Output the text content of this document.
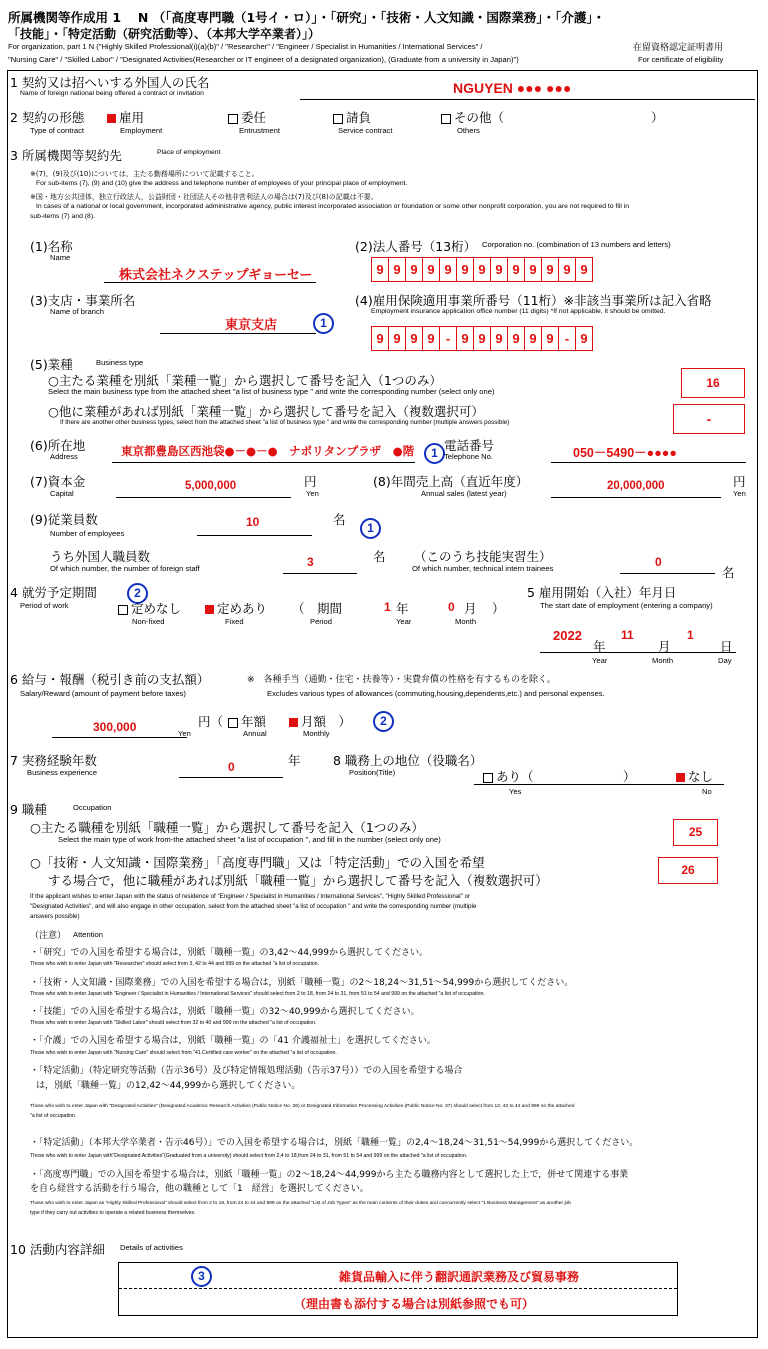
所属機関等作成用 1　 N （「高度専門職（1号イ・ロ）」・「研究」・「技術・人文知識・国際業務」・「介護」・
「技能」・「特定活動（研究活動等）、（本邦大学卒業者）」）
For organization, part 1 N ("Highly Skilled Professional(i)(a)(b)" / "Researcher" / "Engineer / Specialist in Humanities / International Services" /
"Nursing Care" / "Skilled Labor" / "Designated Activities(Researcher or IT engineer of a designated organization), (Graduate from a university in Japan)")
在留資格認定証明書用
For certificate of eligibility
1 契約又は招へいする外国人の氏名
Name of foreign national being offered a contract or invitation	NGUYEN ●●● ●●●
2 契約の形態
Type of contract
雇用
Employment
委任
Entrustment
請負
Service contract
その他（	）
Others
3 所属機関等契約先	Place of employment
※(7)，(9)及び(10)については，主たる勤務場所について記載すること。
For sub-items (7), (9) and (10) give the address and telephone number of employees of your principal place of employment.
※国・地方公共団体，独立行政法人，公益財団・社団法人その他非営利法人の場合は(7)及び(8)の記載は不要。
In cases of a national or local government, incorporated administrative agency, public interest incorporated association or foundation or some other nonprofit corporation, you are not required to fill in
sub-items (7) and (8).
(1)名称
Name
株式会社ネクステップギョーセー
(2)法人番号（13桁） Corporation no. (combination of 13 numbers and letters)
9 9 9 9 9 9 9 9 9 9 9 9 9
(3)支店・事業所名
Name of branch
東京支店	1
(4)雇用保険適用事業所番号（11桁）※非該当事業所は記入省略
Employment insurance application office number (11 digits) *If not applicable, it should be omitted.
9 9 9 9 - 9 9 9 9 9 9 - 9
(5)業種	Business type
○主たる業種を別紙「業種一覧」から選択して番号を記入（1つのみ）
Select the main business type from the attached sheet "a list of business type " and write the corresponding number (select only one)
16
○他に業種があれば別紙「業種一覧」から選択して番号を記入（複数選択可）
If there are another other business types, select from the attached sheet "a list of business type " and write the corresponding number (multiple answers possible)	-
(6)所在地
Address	東京都豊島区西池袋●－●－●　ナポリタンプラザ　●階	1 電話番号
Telephone No.	050－5490－●●●●
(7)資本金
Capital
5,000,000	円
Yen
(8)年間売上高（直近年度）
Annual sales (latest year)
20,000,000	円
Yen
(9)従業員数
Number of employees
10	名
1
うち外国人職員数
Of which number, the number of foreign staff	3	名 （このうち技能実習生）
Of which number, technical intern trainees	0
名
4 就労予定期間
Period of work
2
定めなし
Non-fixed
定めあり
Fixed
（　期間
Period
1 年
Year
0 月 ）
Month
5 雇用開始（入社）年月日
The start date of employment (entering a company)
2022
年
11
月
1
日
Year	Month	Day
6 給与・報酬（税引き前の支払額）
Salary/Reward (amount of payment before taxes)
※　各種手当（通勤・住宅・扶養等）・実費弁償の性格を有するものを除く。
Excludes various types of allowances (commuting,housing,dependents,etc.) and personal expenses.
300,000	円（
Yen
年額
Annual
月額　）
Monthly
2
7 実務経験年数
Business experience	0	年	8 職務上の地位（役職名）
Position(Title)	あり（	）	なし
Yes	No
9 職種	Occupation
○主たる職種を別紙「職種一覧」から選択して番号を記入（1つのみ）
Select the main type of work from-the attached sheet "a list of occupation ", and fill in the number (select only one)
25
○「技術・人文知識・国際業務」「高度専門職」又は「特定活動」での入国を希望
する場合で，他に職種があれば別紙「職種一覧」から選択して番号を記入（複数選択可）
26
If the applicant wishes to enter Japan with the status of residence of "Engineer / Specialist in Humanities / International Services", "Highly Skilled Professional" or
"Designated Activities", and will also engage in other occupation, select from the attached sheet "a list of occupation " and write the corresponding number (multiple
answers possible)
（注意） Attention
・「研究」での入国を希望する場合は，別紙「職種一覧」の3,42～44,999から選択してください。
Those who wish to enter Japan with "Researcher" should select from 3, 42 to 44 and 999 on the attached "a list of occupation.
・「技術・人文知識・国際業務」での入国を希望する場合は，別紙「職種一覧」の2～18,24～31,51～54,999から選択してください。
Those who wish to enter Japan with "Engineer / Specialist in Humanities / International Services" should select from 2 to 18, from 24 to 31, from 51 to 54 and 999 on the attached "a list of occupation.
・「技能」での入国を希望する場合は，別紙「職種一覧」の32～40,999から選択してください。
Those who wish to enter Japan with "Skilled Labor" should select from 32 to 40 and 999 on the attached "a list of occupation.
・「介護」での入国を希望する場合は，別紙「職種一覧」の「41 介護福祉士」を選択してください。
Those who wish to enter Japan with "Nursing Care" should select from "41.Certified care worker" on the attached "a list of occupation.
・「特定活動」（特定研究等活動（告示36号）及び特定情報処理活動（告示37号））での入国を希望する場合
は，別紙「職種一覧」の12,42～44,999から選択してください。
Those who wish to enter Japan with "Designated Activities" (Designated Academic Research Activities (Public Notice No. 36) or Designated Information Processing Activities (Public Notice No. 37) should select from 12, 42 to 44 and 999 on the attached
"a list of occupation.
・「特定活動」（本邦大学卒業者・告示46号）」での入国を希望する場合は，別紙「職種一覧」の2,4～18,24～31,51～54,999から選択してください。
Those who wish to enter Japan with"Designated Activities"(Graduated from a university) should select from 2,4 to 18,from 24 to 31, from 51 to 54 and 999 on the attached "a list of occupation.
・「高度専門職」での入国を希望する場合は，別紙「職種一覧」の2～18,24～44,999から主たる職務内容として選択した上で，併せて関連する事業
を自ら経営する活動を行う場合，他の職種として「1　経営」を選択してください。
Those who wish to enter Japan as "Highly Skilled Professional" should select from 2 to 18, from 24 to 44 and 999 on the attached "List of Job Types" as the main contents of their duties and concurrently select "1 Business Management" as another job
type if they carry out activities to operate a related business themselves.
10 活動内容詳細 Details of activities
3	雑貨品輸入に伴う翻訳通訳業務及び貿易事務
（理由書も添付する場合は別紙参照でも可）
